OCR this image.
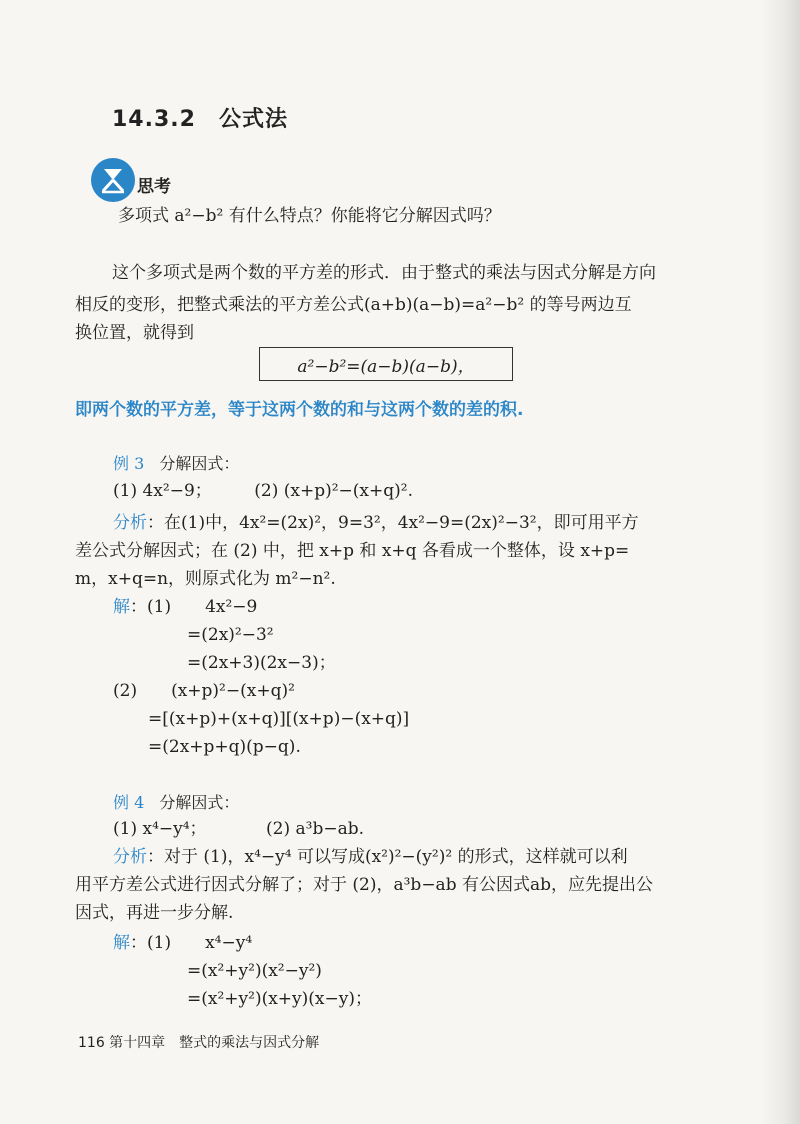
14.3.2　公式法
思考
多项式 a²−b² 有什么特点？你能将它分解因式吗？
这个多项式是两个数的平方差的形式．由于整式的乘法与因式分解是方向
相反的变形，把整式乘法的平方差公式(a+b)(a−b)=a²−b² 的等号两边互
换位置，就得到
a²−b²=(a−b)(a−b)，
即两个数的平方差，等于这两个数的和与这两个数的差的积.
例 3 分解因式：
(1) 4x²−9；　　　(2) (x+p)²−(x+q)².
分析：在(1)中，4x²=(2x)²，9=3²，4x²−9=(2x)²−3²，即可用平方
差公式分解因式；在 (2) 中，把 x+p 和 x+q 各看成一个整体，设 x+p=
m，x+q=n，则原式化为 m²−n².
解：(1)　　4x²−9
=(2x)²−3²
=(2x+3)(2x−3)；
(2)　　(x+p)²−(x+q)²
=[(x+p)+(x+q)][(x+p)−(x+q)]
=(2x+p+q)(p−q).
例 4 分解因式：
(1) x⁴−y⁴；　　　　(2) a³b−ab.
分析：对于 (1)，x⁴−y⁴ 可以写成(x²)²−(y²)² 的形式，这样就可以利
用平方差公式进行因式分解了；对于 (2)，a³b−ab 有公因式ab，应先提出公
因式，再进一步分解.
解：(1)　　x⁴−y⁴
=(x²+y²)(x²−y²)
=(x²+y²)(x+y)(x−y)；
116 第十四章　整式的乘法与因式分解
